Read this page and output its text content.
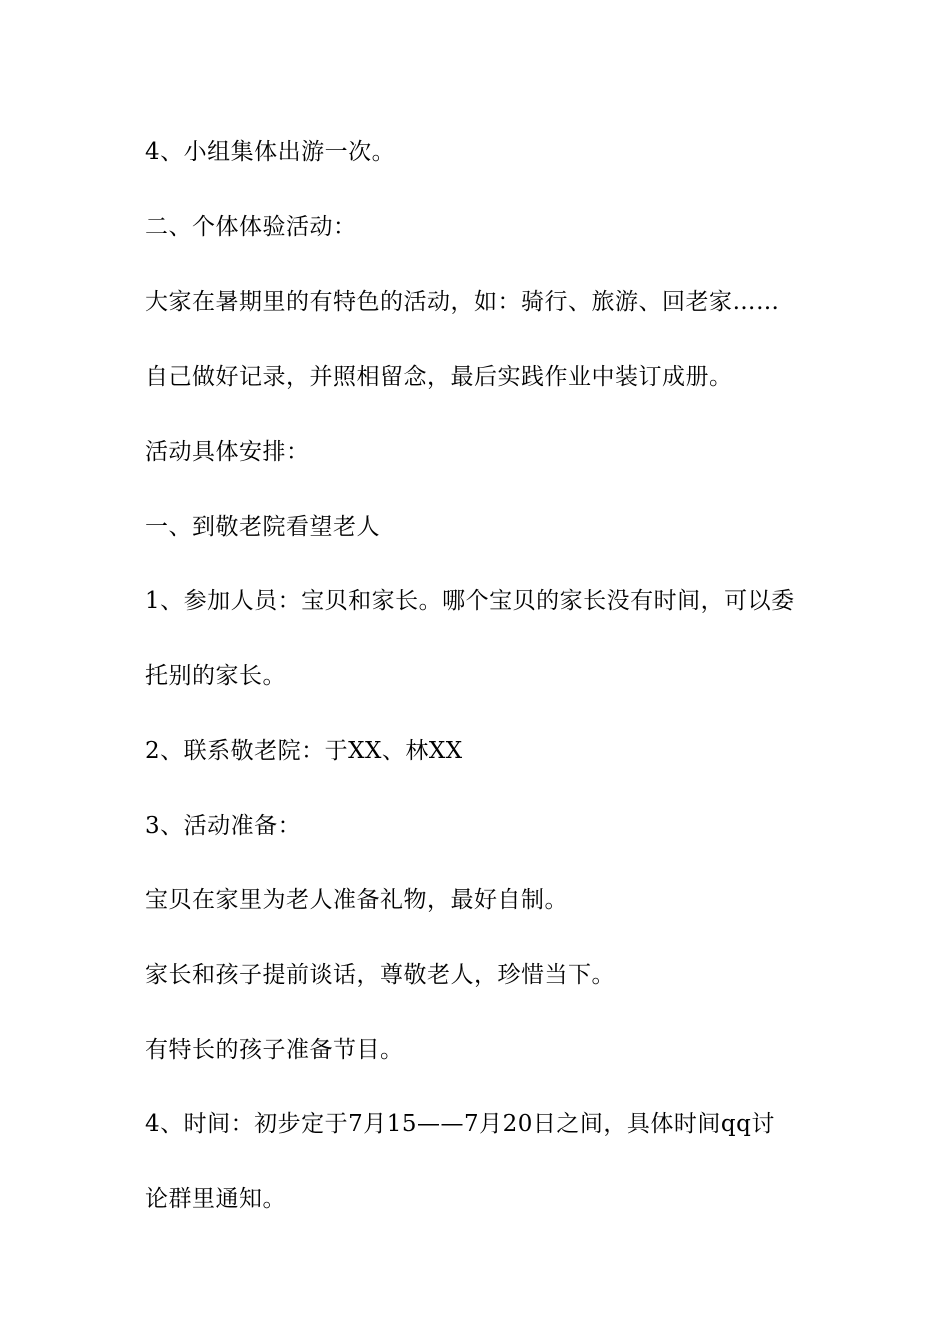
4、小组集体出游一次。
二、个体体验活动：
大家在暑期里的有特色的活动，如：骑行、旅游、回老家……
自己做好记录，并照相留念，最后实践作业中装订成册。
活动具体安排：
一、到敬老院看望老人
1、参加人员：宝贝和家长。哪个宝贝的家长没有时间，可以委
托别的家长。
2、联系敬老院：于XX、林XX
3、活动准备：
宝贝在家里为老人准备礼物，最好自制。
家长和孩子提前谈话，尊敬老人，珍惜当下。
有特长的孩子准备节目。
4、时间：初步定于7月15——7月20日之间，具体时间qq讨
论群里通知。
